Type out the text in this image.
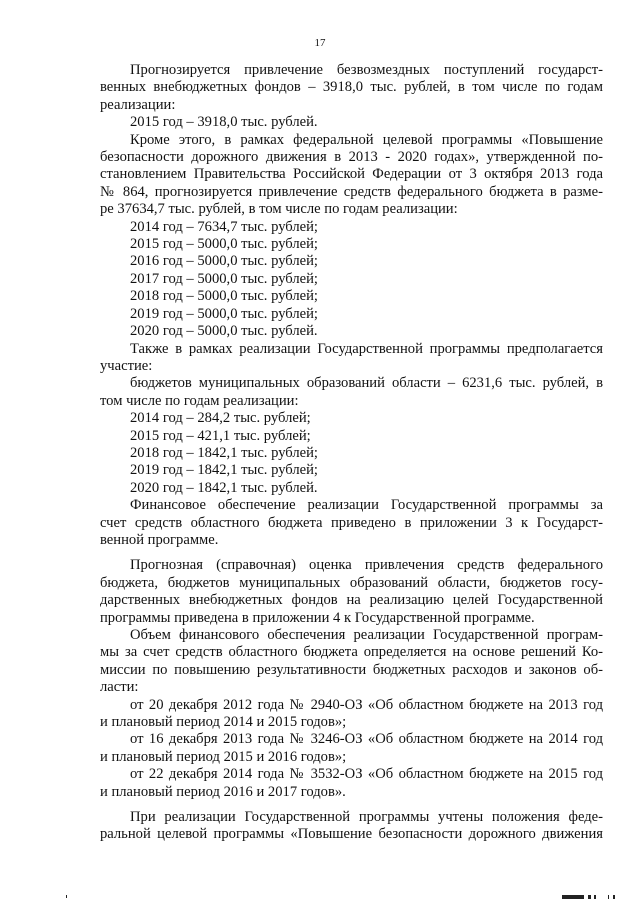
17

Прогнозируется привлечение безвозмездных поступлений государст-

венных внебюджетных фондов – 3918,0 тыс. рублей, в том числе по годам

реализации:

2015 год – 3918,0 тыс. рублей.

Кроме этого, в рамках федеральной целевой программы «Повышение

безопасности дорожного движения в 2013 - 2020 годах», утвержденной по-

становлением Правительства Российской Федерации от 3 октября 2013 года

№ 864, прогнозируется привлечение средств федерального бюджета в разме-

ре 37634,7 тыс. рублей, в том числе по годам реализации:

2014 год – 7634,7 тыс. рублей;

2015 год – 5000,0 тыс. рублей;

2016 год – 5000,0 тыс. рублей;

2017 год – 5000,0 тыс. рублей;

2018 год – 5000,0 тыс. рублей;

2019 год – 5000,0 тыс. рублей;

2020 год – 5000,0 тыс. рублей.

Также в рамках реализации Государственной программы предполагается

участие:

бюджетов муниципальных образований области – 6231,6 тыс. рублей, в

том числе по годам реализации:

2014 год – 284,2 тыс. рублей;

2015 год – 421,1 тыс. рублей;

2018 год – 1842,1 тыс. рублей;

2019 год – 1842,1 тыс. рублей;

2020 год – 1842,1 тыс. рублей.

Финансовое обеспечение реализации Государственной программы за

счет средств областного бюджета приведено в приложении 3 к Государст-

венной программе.

Прогнозная (справочная) оценка привлечения средств федерального

бюджета, бюджетов муниципальных образований области, бюджетов госу-

дарственных внебюджетных фондов на реализацию целей Государственной

программы приведена в приложении 4 к Государственной программе.

Объем финансового обеспечения реализации Государственной програм-

мы за счет средств областного бюджета определяется на основе решений Ко-

миссии по повышению результативности бюджетных расходов и законов об-

ласти:

от 20 декабря 2012 года № 2940-ОЗ «Об областном бюджете на 2013 год

и плановый период 2014 и 2015 годов»;

от 16 декабря 2013 года № 3246-ОЗ «Об областном бюджете на 2014 год

и плановый период 2015 и 2016 годов»;

от 22 декабря 2014 года № 3532-ОЗ «Об областном бюджете на 2015 год

и плановый период 2016 и 2017 годов».

При реализации Государственной программы учтены положения феде-

ральной целевой программы «Повышение безопасности дорожного движения
